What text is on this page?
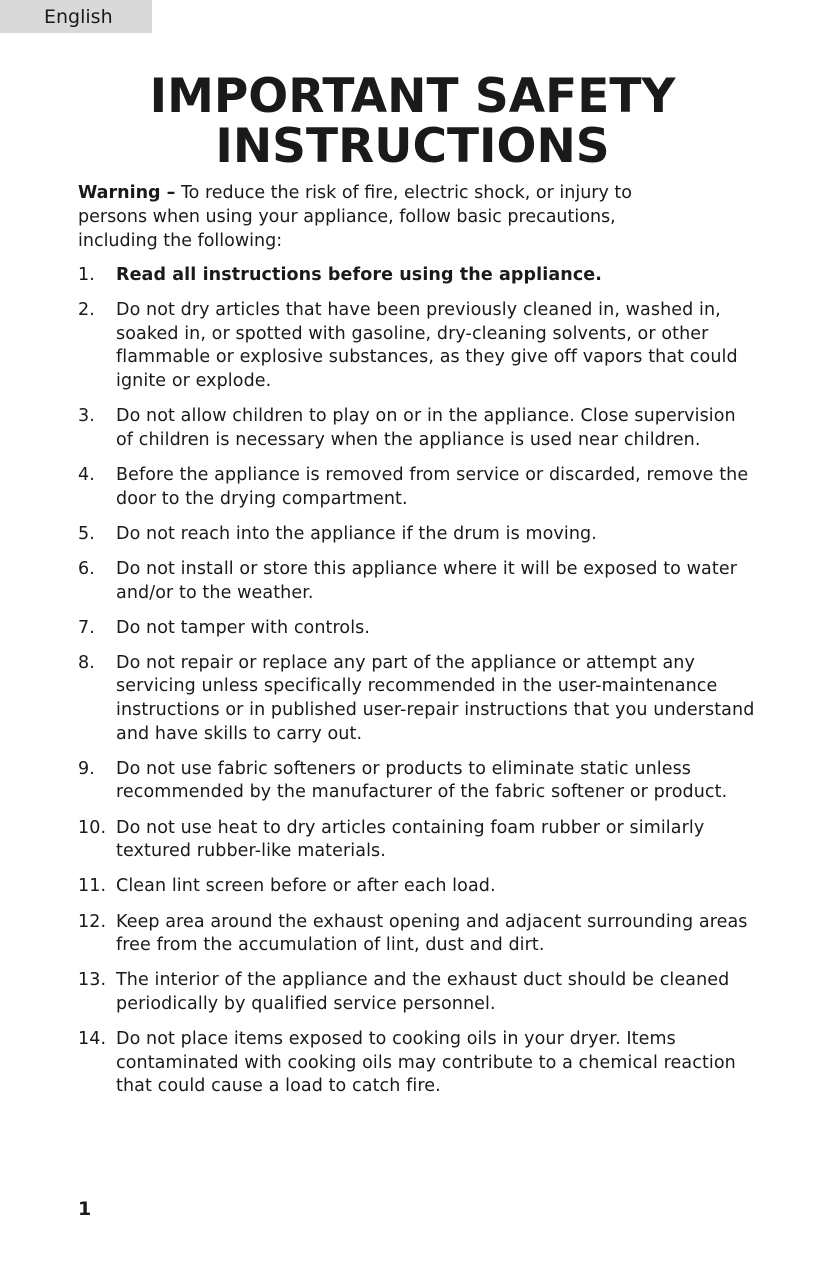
English
IMPORTANT SAFETY
INSTRUCTIONS
Warning – To reduce the risk of fire, electric shock, or injury to persons when using your appliance, follow basic precautions, including the following:
1. Read all instructions before using the appliance.
2. Do not dry articles that have been previously cleaned in, washed in, soaked in, or spotted with gasoline, dry-cleaning solvents, or other flammable or explosive substances, as they give off vapors that could ignite or explode.
3. Do not allow children to play on or in the appliance. Close supervision of children is necessary when the appliance is used near children.
4. Before the appliance is removed from service or discarded, remove the door to the drying compartment.
5. Do not reach into the appliance if the drum is moving.
6. Do not install or store this appliance where it will be exposed to water and/or to the weather.
7. Do not tamper with controls.
8. Do not repair or replace any part of the appliance or attempt any servicing unless specifically recommended in the user-maintenance instructions or in published user-repair instructions that you understand and have skills to carry out.
9. Do not use fabric softeners or products to eliminate static unless recommended by the manufacturer of the fabric softener or product.
10. Do not use heat to dry articles containing foam rubber or similarly textured rubber-like materials.
11. Clean lint screen before or after each load.
12. Keep area around the exhaust opening and adjacent surrounding areas free from the accumulation of lint, dust and dirt.
13. The interior of the appliance and the exhaust duct should be cleaned periodically by qualified service personnel.
14. Do not place items exposed to cooking oils in your dryer. Items contaminated with cooking oils may contribute to a chemical reaction that could cause a load to catch fire.
1
